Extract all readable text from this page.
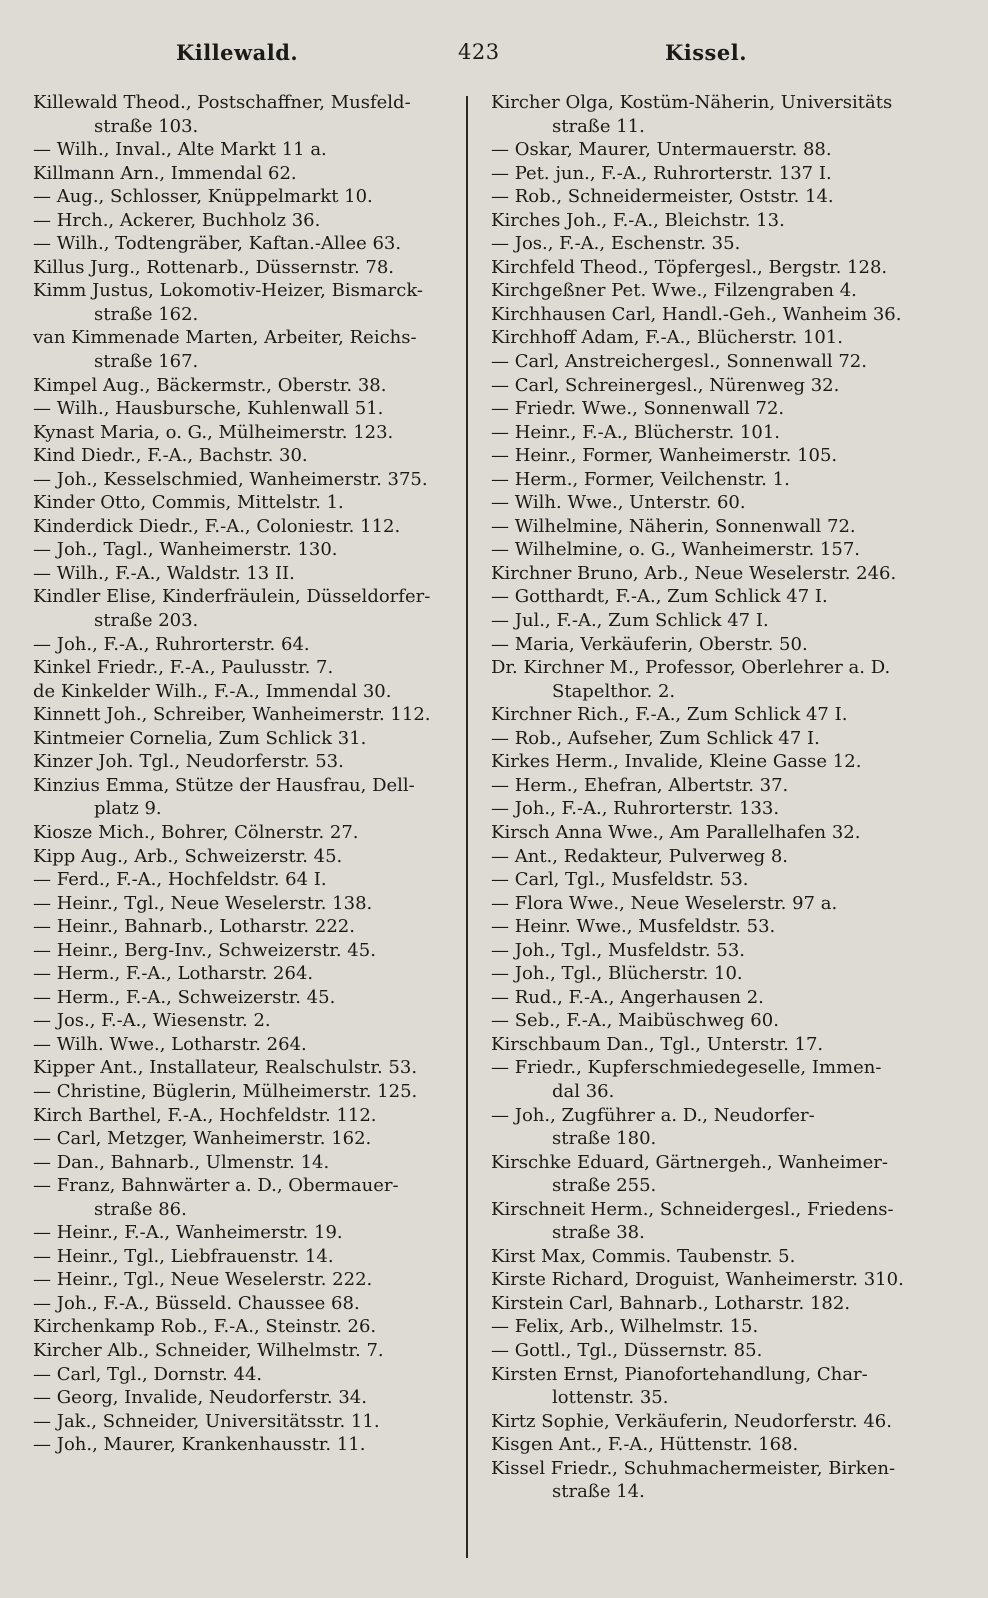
Killewald.	423	Kissel.
Killewald Theod., Postschaffner, Musfeld-
straße 103.
— Wilh., Inval., Alte Markt 11 a.
Killmann Arn., Immendal 62.
— Aug., Schlosser, Knüppelmarkt 10.
— Hrch., Ackerer, Buchholz 36.
— Wilh., Todtengräber, Kaftan.-Allee 63.
Killus Jurg., Rottenarb., Düssernstr. 78.
Kimm Justus, Lokomotiv-Heizer, Bismarck-
straße 162.
van Kimmenade Marten, Arbeiter, Reichs-
straße 167.
Kimpel Aug., Bäckermstr., Oberstr. 38.
— Wilh., Hausbursche, Kuhlenwall 51.
Kynast Maria, o. G., Mülheimerstr. 123.
Kind Diedr., F.-A., Bachstr. 30.
— Joh., Kesselschmied, Wanheimerstr. 375.
Kinder Otto, Commis, Mittelstr. 1.
Kinderdick Diedr., F.-A., Coloniestr. 112.
— Joh., Tagl., Wanheimerstr. 130.
— Wilh., F.-A., Waldstr. 13 II.
Kindler Elise, Kinderfräulein, Düsseldorfer-
straße 203.
— Joh., F.-A., Ruhrorterstr. 64.
Kinkel Friedr., F.-A., Paulusstr. 7.
de Kinkelder Wilh., F.-A., Immendal 30.
Kinnett Joh., Schreiber, Wanheimerstr. 112.
Kintmeier Cornelia, Zum Schlick 31.
Kinzer Joh. Tgl., Neudorferstr. 53.
Kinzius Emma, Stütze der Hausfrau, Dell-
platz 9.
Kiosze Mich., Bohrer, Cölnerstr. 27.
Kipp Aug., Arb., Schweizerstr. 45.
— Ferd., F.-A., Hochfeldstr. 64 I.
— Heinr., Tgl., Neue Weselerstr. 138.
— Heinr., Bahnarb., Lotharstr. 222.
— Heinr., Berg-Inv., Schweizerstr. 45.
— Herm., F.-A., Lotharstr. 264.
— Herm., F.-A., Schweizerstr. 45.
— Jos., F.-A., Wiesenstr. 2.
— Wilh. Wwe., Lotharstr. 264.
Kipper Ant., Installateur, Realschulstr. 53.
— Christine, Büglerin, Mülheimerstr. 125.
Kirch Barthel, F.-A., Hochfeldstr. 112.
— Carl, Metzger, Wanheimerstr. 162.
— Dan., Bahnarb., Ulmenstr. 14.
— Franz, Bahnwärter a. D., Obermauer-
straße 86.
— Heinr., F.-A., Wanheimerstr. 19.
— Heinr., Tgl., Liebfrauenstr. 14.
— Heinr., Tgl., Neue Weselerstr. 222.
— Joh., F.-A., Büsseld. Chaussee 68.
Kirchenkamp Rob., F.-A., Steinstr. 26.
Kircher Alb., Schneider, Wilhelmstr. 7.
— Carl, Tgl., Dornstr. 44.
— Georg, Invalide, Neudorferstr. 34.
— Jak., Schneider, Universitätsstr. 11.
— Joh., Maurer, Krankenhausstr. 11.
Kircher Olga, Kostüm-Näherin, Universitäts
straße 11.
— Oskar, Maurer, Untermauerstr. 88.
— Pet. jun., F.-A., Ruhrorterstr. 137 I.
— Rob., Schneidermeister, Oststr. 14.
Kirches Joh., F.-A., Bleichstr. 13.
— Jos., F.-A., Eschenstr. 35.
Kirchfeld Theod., Töpfergesl., Bergstr. 128.
Kirchgeßner Pet. Wwe., Filzengraben 4.
Kirchhausen Carl, Handl.-Geh., Wanheim 36.
Kirchhoff Adam, F.-A., Blücherstr. 101.
— Carl, Anstreichergesl., Sonnenwall 72.
— Carl, Schreinergesl., Nürenweg 32.
— Friedr. Wwe., Sonnenwall 72.
— Heinr., F.-A., Blücherstr. 101.
— Heinr., Former, Wanheimerstr. 105.
— Herm., Former, Veilchenstr. 1.
— Wilh. Wwe., Unterstr. 60.
— Wilhelmine, Näherin, Sonnenwall 72.
— Wilhelmine, o. G., Wanheimerstr. 157.
Kirchner Bruno, Arb., Neue Weselerstr. 246.
— Gotthardt, F.-A., Zum Schlick 47 I.
— Jul., F.-A., Zum Schlick 47 I.
— Maria, Verkäuferin, Oberstr. 50.
Dr. Kirchner M., Professor, Oberlehrer a. D.
Stapelthor. 2.
Kirchner Rich., F.-A., Zum Schlick 47 I.
— Rob., Aufseher, Zum Schlick 47 I.
Kirkes Herm., Invalide, Kleine Gasse 12.
— Herm., Ehefran, Albertstr. 37.
— Joh., F.-A., Ruhrorterstr. 133.
Kirsch Anna Wwe., Am Parallelhafen 32.
— Ant., Redakteur, Pulverweg 8.
— Carl, Tgl., Musfeldstr. 53.
— Flora Wwe., Neue Weselerstr. 97 a.
— Heinr. Wwe., Musfeldstr. 53.
— Joh., Tgl., Musfeldstr. 53.
— Joh., Tgl., Blücherstr. 10.
— Rud., F.-A., Angerhausen 2.
— Seb., F.-A., Maibüschweg 60.
Kirschbaum Dan., Tgl., Unterstr. 17.
— Friedr., Kupferschmiedegeselle, Immen-
dal 36.
— Joh., Zugführer a. D., Neudorfer-
straße 180.
Kirschke Eduard, Gärtnergeh., Wanheimer-
straße 255.
Kirschneit Herm., Schneidergesl., Friedens-
straße 38.
Kirst Max, Commis. Taubenstr. 5.
Kirste Richard, Droguist, Wanheimerstr. 310.
Kirstein Carl, Bahnarb., Lotharstr. 182.
— Felix, Arb., Wilhelmstr. 15.
— Gottl., Tgl., Düssernstr. 85.
Kirsten Ernst, Pianofortehandlung, Char-
lottenstr. 35.
Kirtz Sophie, Verkäuferin, Neudorferstr. 46.
Kisgen Ant., F.-A., Hüttenstr. 168.
Kissel Friedr., Schuhmachermeister, Birken-
straße 14.
